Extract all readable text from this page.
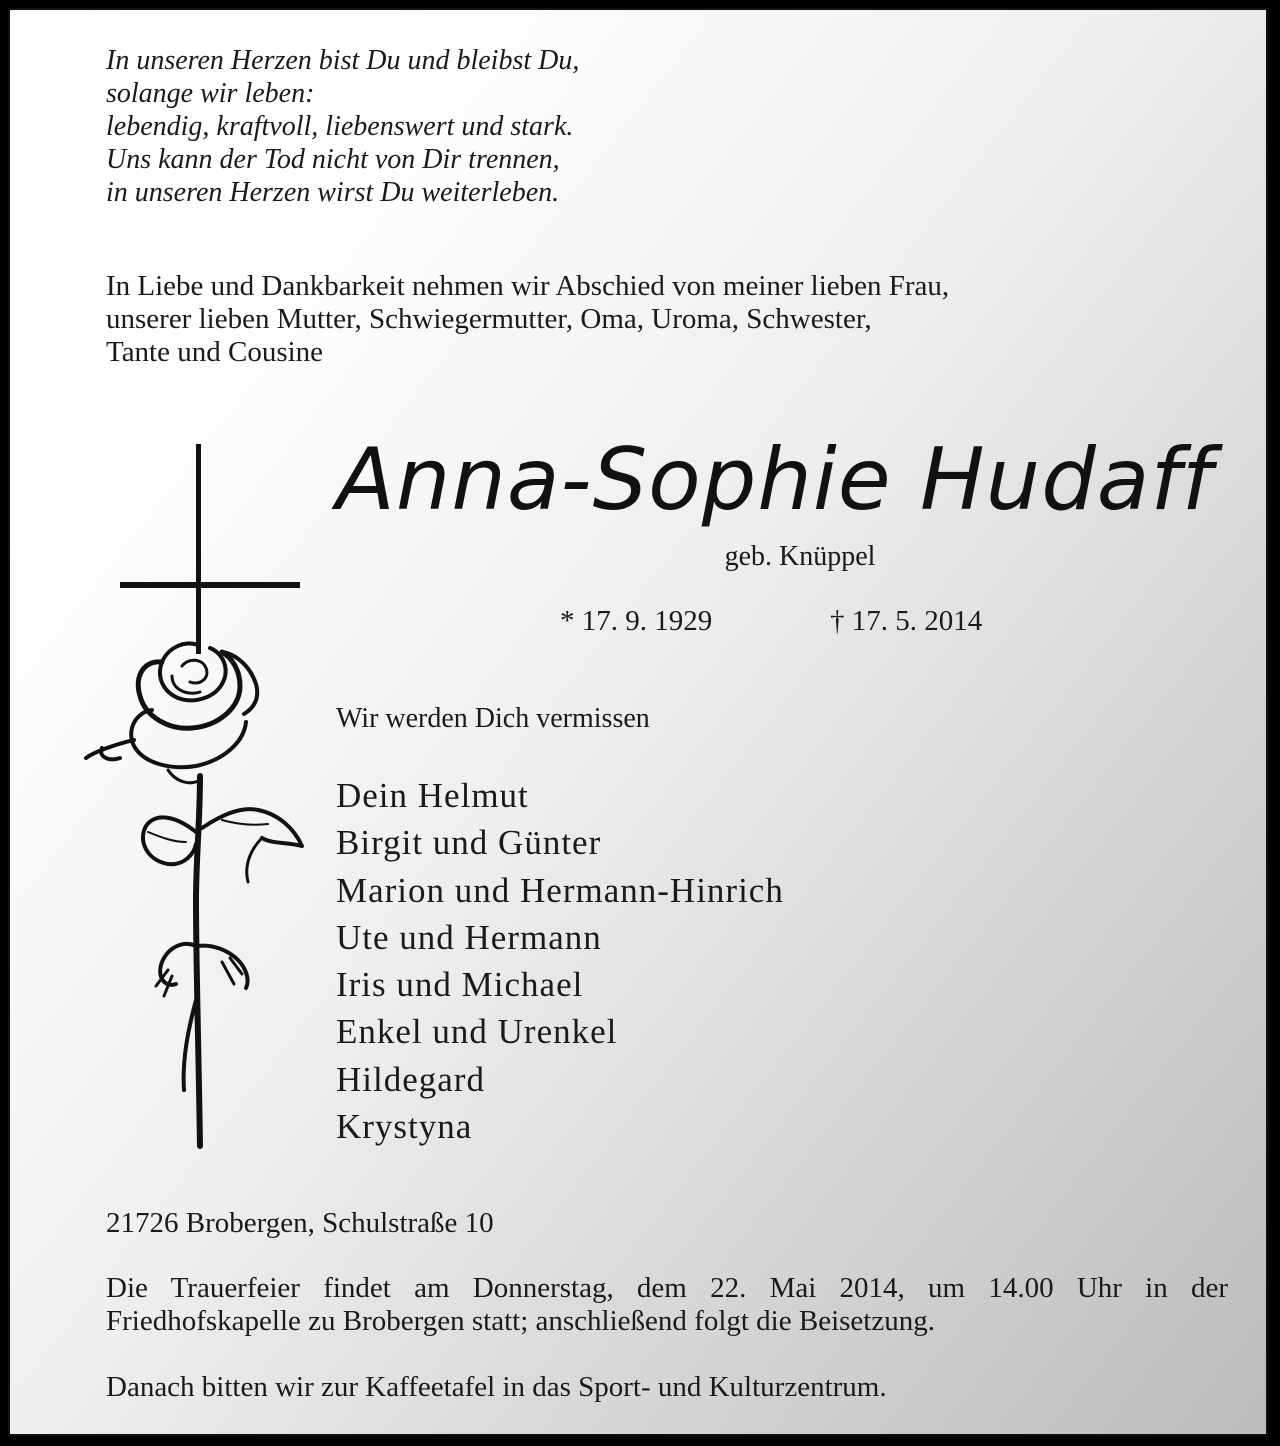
In unseren Herzen bist Du und bleibst Du,
solange wir leben:
lebendig, kraftvoll, liebenswert und stark.
Uns kann der Tod nicht von Dir trennen,
in unseren Herzen wirst Du weiterleben.

In Liebe und Dankbarkeit nehmen wir Abschied von meiner lieben Frau,
unserer lieben Mutter, Schwiegermutter, Oma, Uroma, Schwester,
Tante und Cousine

Anna-Sophie Hudaff
geb. Knüppel
* 17. 9. 1929	† 17. 5. 2014
Wir werden Dich vermissen
Dein Helmut
Birgit und Günter
Marion und Hermann-Hinrich
Ute und Hermann
Iris und Michael
Enkel und Urenkel
Hildegard
Krystyna
21726 Brobergen, Schulstraße 10

Die Trauerfeier findet am Donnerstag, dem 22. Mai 2014, um 14.00 Uhr in der
Friedhofskapelle zu Brobergen statt; anschließend folgt die Beisetzung.

Danach bitten wir zur Kaffeetafel in das Sport- und Kulturzentrum.
